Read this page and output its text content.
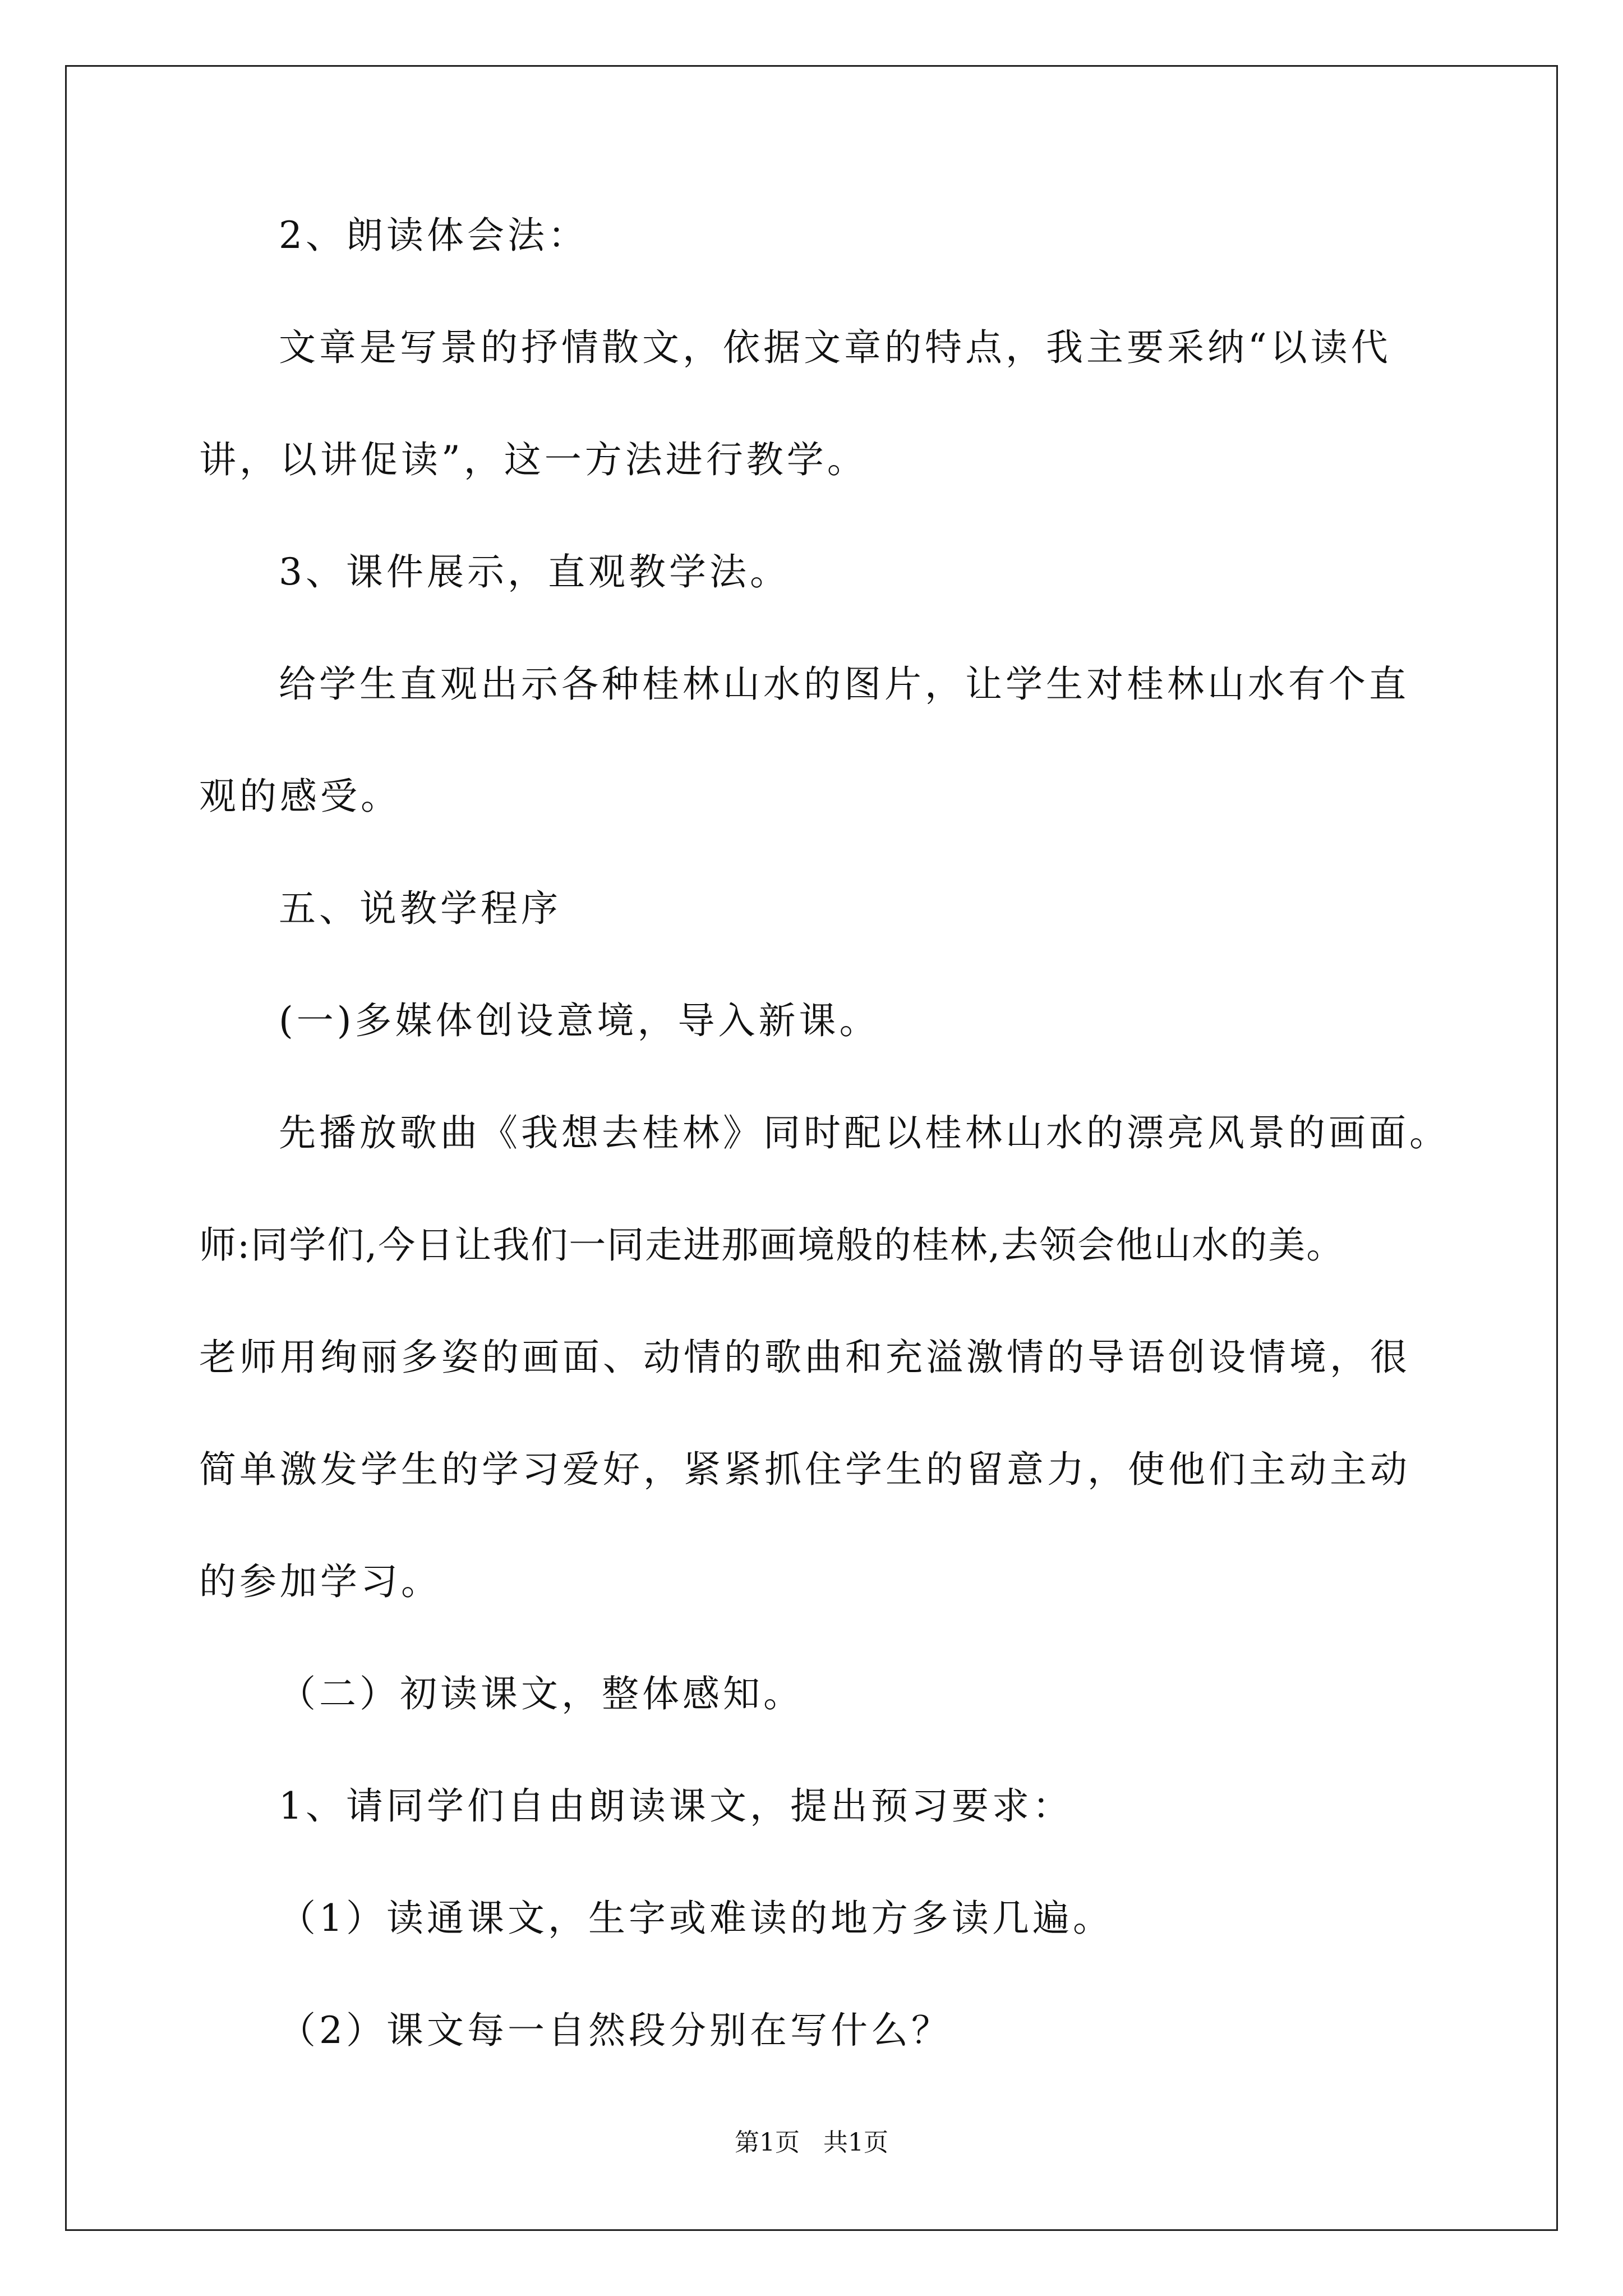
2、朗读体会法：
文章是写景的抒情散文，依据文章的特点，我主要采纳“以读代
讲，以讲促读”，这一方法进行教学。
3、课件展示，直观教学法。
给学生直观出示各种桂林山水的图片，让学生对桂林山水有个直
观的感受。
五、说教学程序
(一)多媒体创设意境，导入新课。
先播放歌曲《我想去桂林》同时配以桂林山水的漂亮风景的画面。
师:同学们,今日让我们一同走进那画境般的桂林,去领会他山水的美。
老师用绚丽多姿的画面、动情的歌曲和充溢激情的导语创设情境，很
简单激发学生的学习爱好，紧紧抓住学生的留意力，使他们主动主动
的参加学习。
（二）初读课文，整体感知。
1、请同学们自由朗读课文，提出预习要求：
（1）读通课文，生字或难读的地方多读几遍。
（2）课文每一自然段分别在写什么？
第1页   共1页
